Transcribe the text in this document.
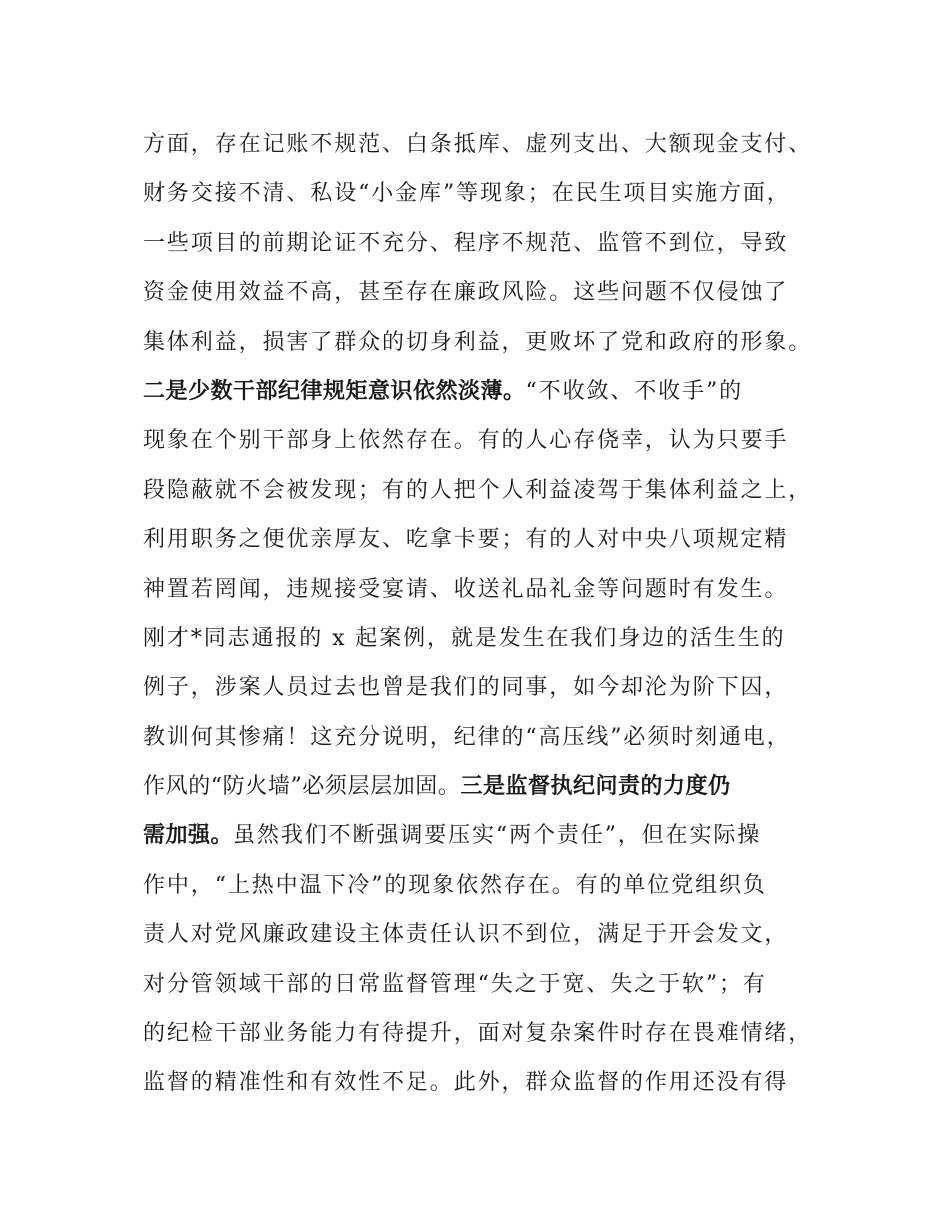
方面，存在记账不规范、白条抵库、虚列支出、大额现金支付、
财务交接不清、私设“小金库”等现象；在民生项目实施方面，
一些项目的前期论证不充分、程序不规范、监管不到位，导致
资金使用效益不高，甚至存在廉政风险。这些问题不仅侵蚀了
集体利益，损害了群众的切身利益，更败坏了党和政府的形象。
二是少数干部纪律规矩意识依然淡薄。“不收敛、不收手”的
现象在个别干部身上依然存在。有的人心存侥幸，认为只要手
段隐蔽就不会被发现；有的人把个人利益凌驾于集体利益之上，
利用职务之便优亲厚友、吃拿卡要；有的人对中央八项规定精
神置若罔闻，违规接受宴请、收送礼品礼金等问题时有发生。
刚才*同志通报的 x 起案例，就是发生在我们身边的活生生的
例子，涉案人员过去也曾是我们的同事，如今却沦为阶下囚，
教训何其惨痛！这充分说明，纪律的“高压线”必须时刻通电，
作风的“防火墙”必须层层加固。三是监督执纪问责的力度仍
需加强。虽然我们不断强调要压实“两个责任”，但在实际操
作中，“上热中温下冷”的现象依然存在。有的单位党组织负
责人对党风廉政建设主体责任认识不到位，满足于开会发文，
对分管领域干部的日常监督管理“失之于宽、失之于软”；有
的纪检干部业务能力有待提升，面对复杂案件时存在畏难情绪，
监督的精准性和有效性不足。此外，群众监督的作用还没有得
